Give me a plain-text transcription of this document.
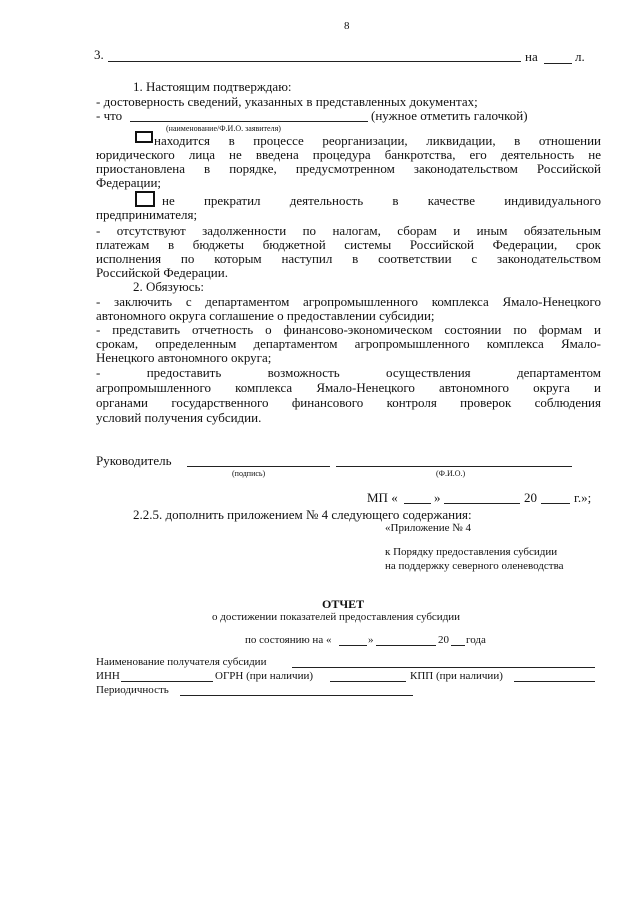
8
3.	на	л.
1. Настоящим подтверждаю:
- достоверность сведений, указанных в представленных документах;
- что	(нужное отметить галочкой)
(наименование/Ф.И.О. заявителя)
находится в процессе реорганизации, ликвидации, в отношении
юридического лица не введена процедура банкротства, его деятельность не
приостановлена в порядке, предусмотренном законодательством Российской
Федерации;
не прекратил деятельность в качестве индивидуального
предпринимателя;
- отсутствуют задолженности по налогам, сборам и иным обязательным
платежам в бюджеты бюджетной системы Российской Федерации, срок
исполнения по которым наступил в соответствии с законодательством
Российской Федерации.
2. Обязуюсь:
- заключить с департаментом агропромышленного комплекса Ямало-Ненецкого
автономного округа соглашение о предоставлении субсидии;
- представить отчетность о финансово-экономическом состоянии по формам и
срокам, определенным департаментом агропромышленного комплекса Ямало-
Ненецкого автономного округа;
- предоставить возможность осуществления департаментом
агропромышленного комплекса Ямало-Ненецкого автономного округа и
органами государственного финансового контроля проверок соблюдения
условий получения субсидии.
Руководитель
(подпись)	(Ф.И.О.)
МП «	»	20	г.»;
2.2.5. дополнить приложением № 4 следующего содержания:
«Приложение № 4
к Порядку предоставления субсидии
на поддержку северного оленеводства
ОТЧЕТ
о достижении показателей предоставления субсидии
по состоянию на «	»	20 года
Наименование получателя субсидии
ИНН	ОГРН (при наличии)	КПП (при наличии)
Периодичность
